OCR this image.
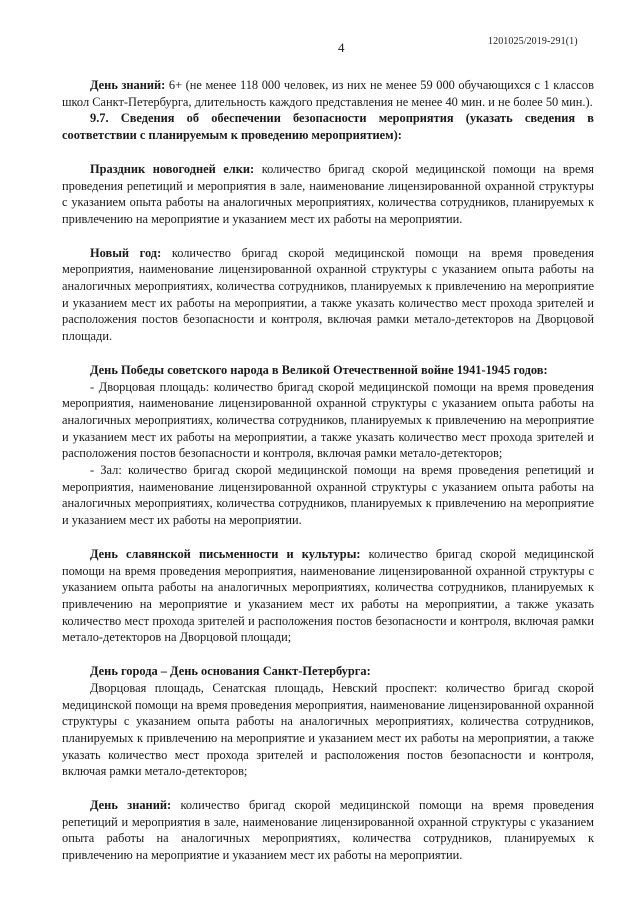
4	1201025/2019-291(1)

День знаний: 6+ (не менее 118 000 человек, из них не менее 59 000 обучающихся с 1 классов школ Санкт-Петербурга, длительность каждого представления не менее 40 мин. и не более 50 мин.).

9.7. Сведения об обеспечении безопасности мероприятия (указать сведения в соответствии с планируемым к проведению мероприятием):

Праздник новогодней елки: количество бригад скорой медицинской помощи на время проведения репетиций и мероприятия в зале, наименование лицензированной охранной структуры с указанием опыта работы на аналогичных мероприятиях, количества сотрудников, планируемых к привлечению на мероприятие и указанием мест их работы на мероприятии.

Новый год: количество бригад скорой медицинской помощи на время проведения мероприятия, наименование лицензированной охранной структуры с указанием опыта работы на аналогичных мероприятиях, количества сотрудников, планируемых к привлечению на мероприятие и указанием мест их работы на мероприятии, а также указать количество мест прохода зрителей и расположения постов безопасности и контроля, включая рамки метало-детекторов на Дворцовой площади.

День Победы советского народа в Великой Отечественной войне 1941-1945 годов:

- Дворцовая площадь: количество бригад скорой медицинской помощи на время проведения мероприятия, наименование лицензированной охранной структуры с указанием опыта работы на аналогичных мероприятиях, количества сотрудников, планируемых к привлечению на мероприятие и указанием мест их работы на мероприятии, а также указать количество мест прохода зрителей и расположения постов безопасности и контроля, включая рамки метало-детекторов;

- Зал: количество бригад скорой медицинской помощи на время проведения репетиций и мероприятия, наименование лицензированной охранной структуры с указанием опыта работы на аналогичных мероприятиях, количества сотрудников, планируемых к привлечению на мероприятие и указанием мест их работы на мероприятии.

День славянской письменности и культуры: количество бригад скорой медицинской помощи на время проведения мероприятия, наименование лицензированной охранной структуры с указанием опыта работы на аналогичных мероприятиях, количества сотрудников, планируемых к привлечению на мероприятие и указанием мест их работы на мероприятии, а также указать количество мест прохода зрителей и расположения постов безопасности и контроля, включая рамки метало-детекторов на Дворцовой площади;

День города – День основания Санкт-Петербурга:

Дворцовая площадь, Сенатская площадь, Невский проспект: количество бригад скорой медицинской помощи на время проведения мероприятия, наименование лицензированной охранной структуры с указанием опыта работы на аналогичных мероприятиях, количества сотрудников, планируемых к привлечению на мероприятие и указанием мест их работы на мероприятии, а также указать количество мест прохода зрителей и расположения постов безопасности и контроля, включая рамки метало-детекторов;

День знаний: количество бригад скорой медицинской помощи на время проведения репетиций и мероприятия в зале, наименование лицензированной охранной структуры с указанием опыта работы на аналогичных мероприятиях, количества сотрудников, планируемых к привлечению на мероприятие и указанием мест их работы на мероприятии.
